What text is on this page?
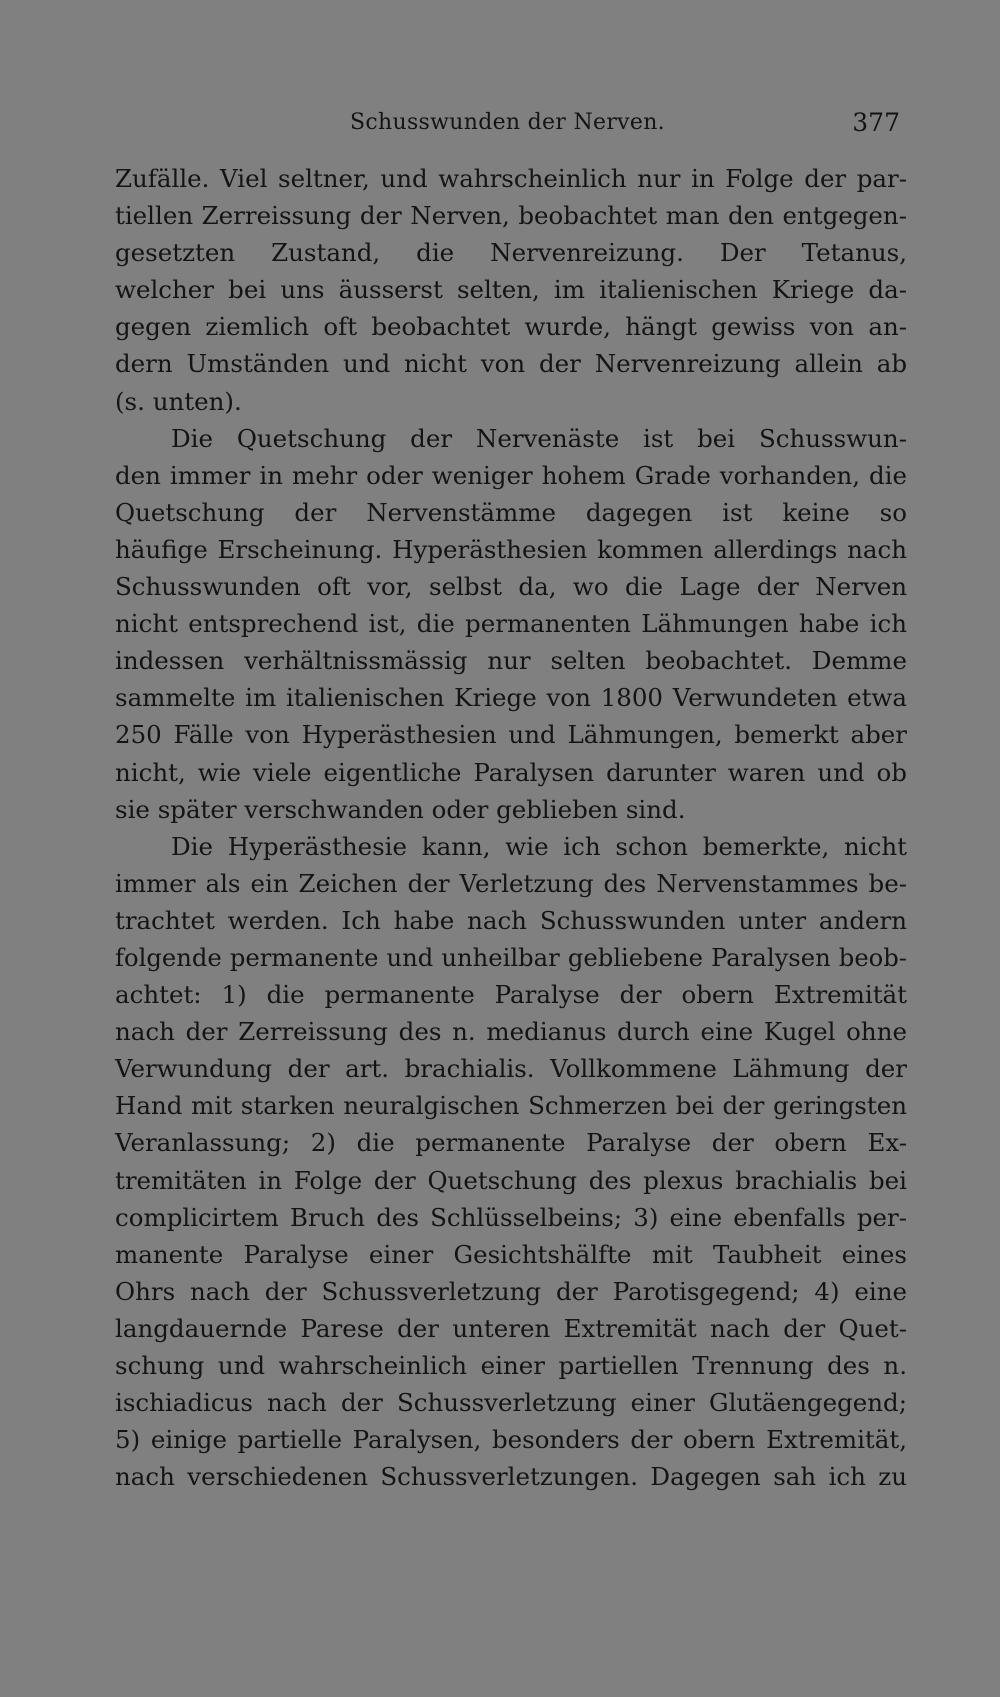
Schusswunden der Nerven.	377
Zufälle. Viel seltner, und wahrscheinlich nur in Folge der par-
tiellen Zerreissung der Nerven, beobachtet man den entgegen-
gesetzten Zustand, die Nervenreizung. Der Tetanus,
welcher bei uns äusserst selten, im italienischen Kriege da-
gegen ziemlich oft beobachtet wurde, hängt gewiss von an-
dern Umständen und nicht von der Nervenreizung allein ab
(s. unten).
Die Quetschung der Nervenäste ist bei Schusswun-
den immer in mehr oder weniger hohem Grade vorhanden, die
Quetschung der Nervenstämme dagegen ist keine so
häufige Erscheinung. Hyperästhesien kommen allerdings nach
Schusswunden oft vor, selbst da, wo die Lage der Nerven
nicht entsprechend ist, die permanenten Lähmungen habe ich
indessen verhältnissmässig nur selten beobachtet. Demme
sammelte im italienischen Kriege von 1800 Verwundeten etwa
250 Fälle von Hyperästhesien und Lähmungen, bemerkt aber
nicht, wie viele eigentliche Paralysen darunter waren und ob
sie später verschwanden oder geblieben sind.
Die Hyperästhesie kann, wie ich schon bemerkte, nicht
immer als ein Zeichen der Verletzung des Nervenstammes be-
trachtet werden. Ich habe nach Schusswunden unter andern
folgende permanente und unheilbar gebliebene Paralysen beob-
achtet: 1) die permanente Paralyse der obern Extremität
nach der Zerreissung des n. medianus durch eine Kugel ohne
Verwundung der art. brachialis. Vollkommene Lähmung der
Hand mit starken neuralgischen Schmerzen bei der geringsten
Veranlassung; 2) die permanente Paralyse der obern Ex-
tremitäten in Folge der Quetschung des plexus brachialis bei
complicirtem Bruch des Schlüsselbeins; 3) eine ebenfalls per-
manente Paralyse einer Gesichtshälfte mit Taubheit eines
Ohrs nach der Schussverletzung der Parotisgegend; 4) eine
langdauernde Parese der unteren Extremität nach der Quet-
schung und wahrscheinlich einer partiellen Trennung des n.
ischiadicus nach der Schussverletzung einer Glutäengegend;
5) einige partielle Paralysen, besonders der obern Extremität,
nach verschiedenen Schussverletzungen. Dagegen sah ich zu
